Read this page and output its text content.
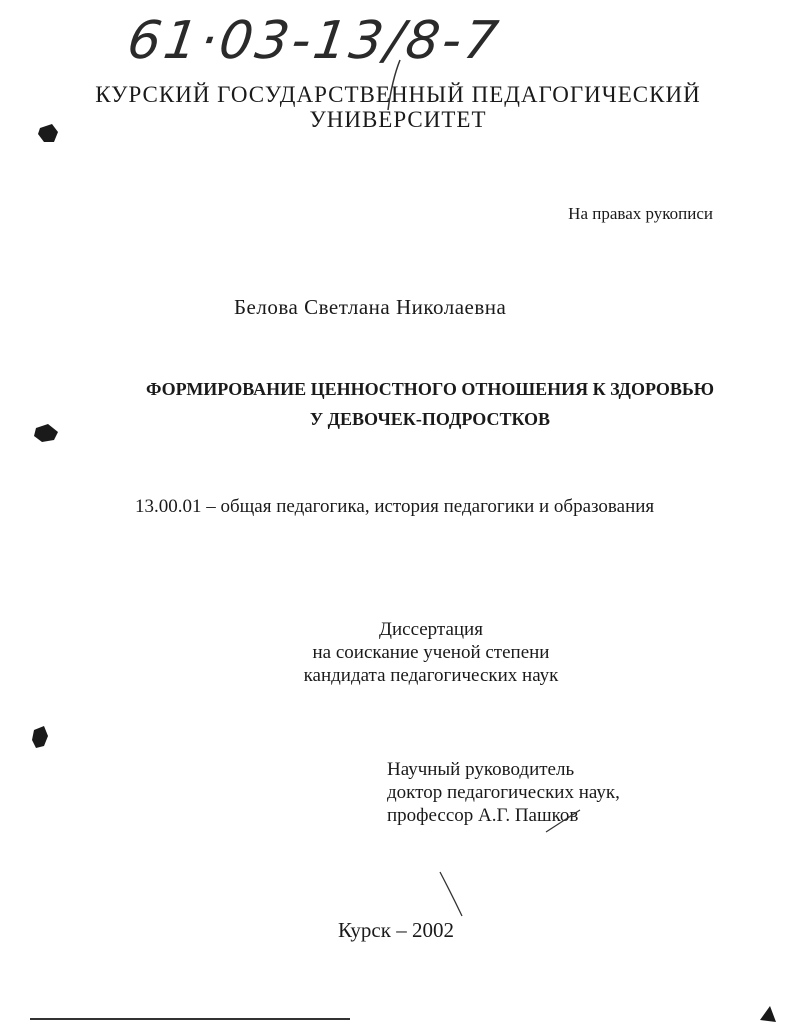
61·03-13/8-7
КУРСКИЙ ГОСУДАРСТВЕННЫЙ ПЕДАГОГИЧЕСКИЙ
УНИВЕРСИТЕТ
На правах рукописи
Белова Светлана Николаевна
ФОРМИРОВАНИЕ ЦЕННОСТНОГО ОТНОШЕНИЯ К ЗДОРОВЬЮ
У ДЕВОЧЕК-ПОДРОСТКОВ
13.00.01 – общая педагогика, история педагогики и образования
Диссертация
на соискание ученой степени
кандидата педагогических наук
Научный руководитель
доктор педагогических наук,
профессор А.Г. Пашков
Курск – 2002
